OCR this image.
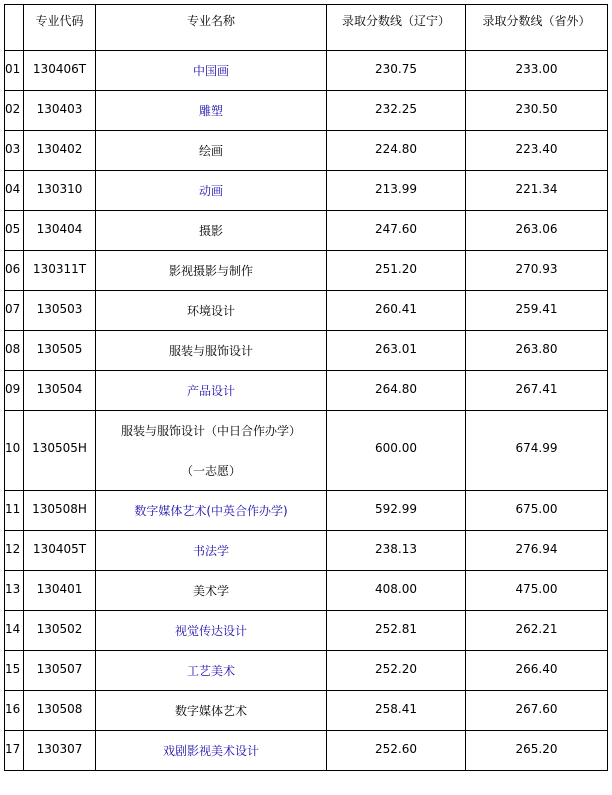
	专业代码	专业名称	录取分数线（辽宁）	录取分数线（省外）
01	130406T	中国画	230.75	233.00
02	130403	雕塑	232.25	230.50
03	130402	绘画	224.80	223.40
04	130310	动画	213.99	221.34
05	130404	摄影	247.60	263.06
06	130311T	影视摄影与制作	251.20	270.93
07	130503	环境设计	260.41	259.41
08	130505	服装与服饰设计	263.01	263.80
09	130504	产品设计	264.80	267.41
10	130505H	服装与服饰设计（中日合作办学）
（一志愿）	600.00	674.99
11	130508H	数字媒体艺术(中英合作办学)	592.99	675.00
12	130405T	书法学	238.13	276.94
13	130401	美术学	408.00	475.00
14	130502	视觉传达设计	252.81	262.21
15	130507	工艺美术	252.20	266.40
16	130508	数字媒体艺术	258.41	267.60
17	130307	戏剧影视美术设计	252.60	265.20
